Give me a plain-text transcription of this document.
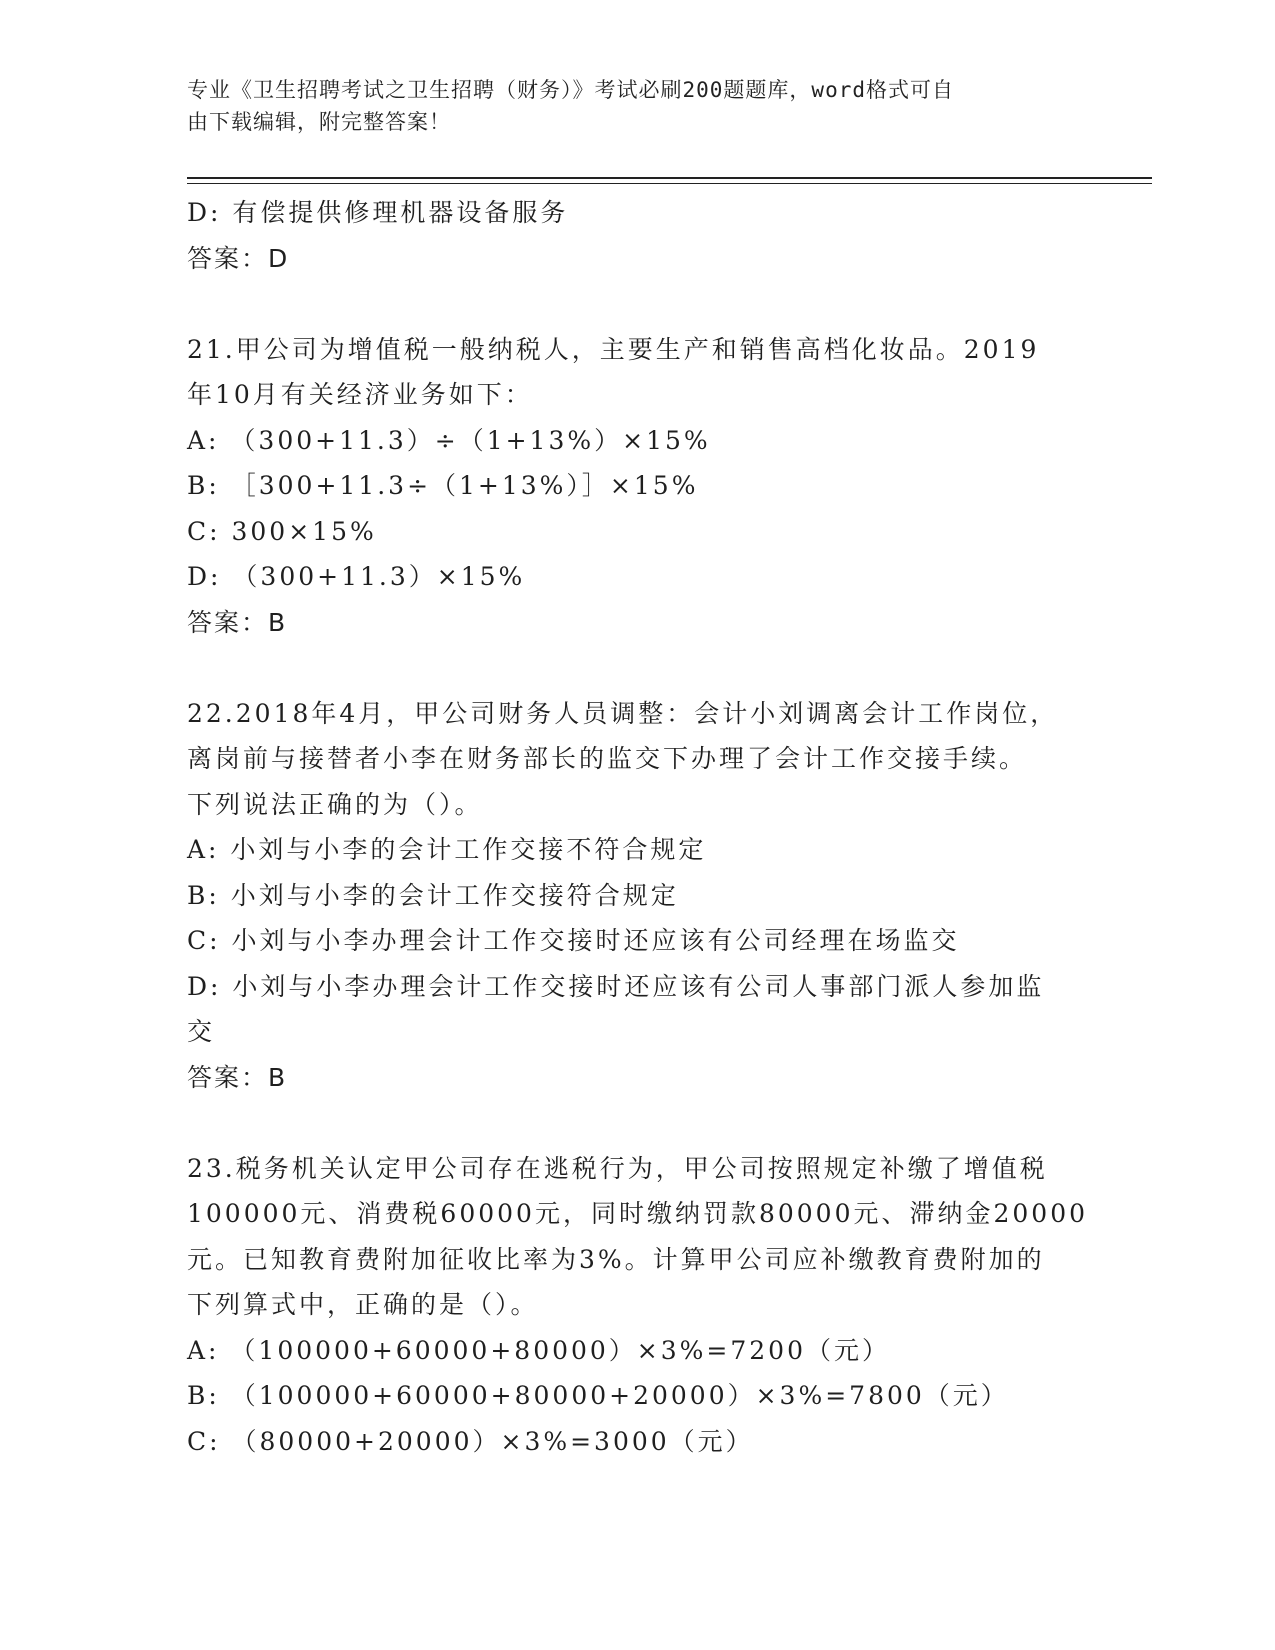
专业《卫生招聘考试之卫生招聘（财务）》考试必刷200题题库，word格式可自
由下载编辑，附完整答案！
D: 有偿提供修理机器设备服务
答案：D
21.甲公司为增值税一般纳税人，主要生产和销售高档化妆品。2019
年10月有关经济业务如下：
A: （300+11.3）÷（1+13%）×15%
B: ［300+11.3÷（1+13%）］×15%
C: 300×15%
D: （300+11.3）×15%
答案：B
22.2018年4月，甲公司财务人员调整：会计小刘调离会计工作岗位，
离岗前与接替者小李在财务部长的监交下办理了会计工作交接手续。
下列说法正确的为（）。
A: 小刘与小李的会计工作交接不符合规定
B: 小刘与小李的会计工作交接符合规定
C: 小刘与小李办理会计工作交接时还应该有公司经理在场监交
D: 小刘与小李办理会计工作交接时还应该有公司人事部门派人参加监
交
答案：B
23.税务机关认定甲公司存在逃税行为，甲公司按照规定补缴了增值税
100000元、消费税60000元，同时缴纳罚款80000元、滞纳金20000
元。已知教育费附加征收比率为3%。计算甲公司应补缴教育费附加的
下列算式中，正确的是（）。
A: （100000+60000+80000）×3%=7200（元）
B: （100000+60000+80000+20000）×3%=7800（元）
C: （80000+20000）×3%=3000（元）
